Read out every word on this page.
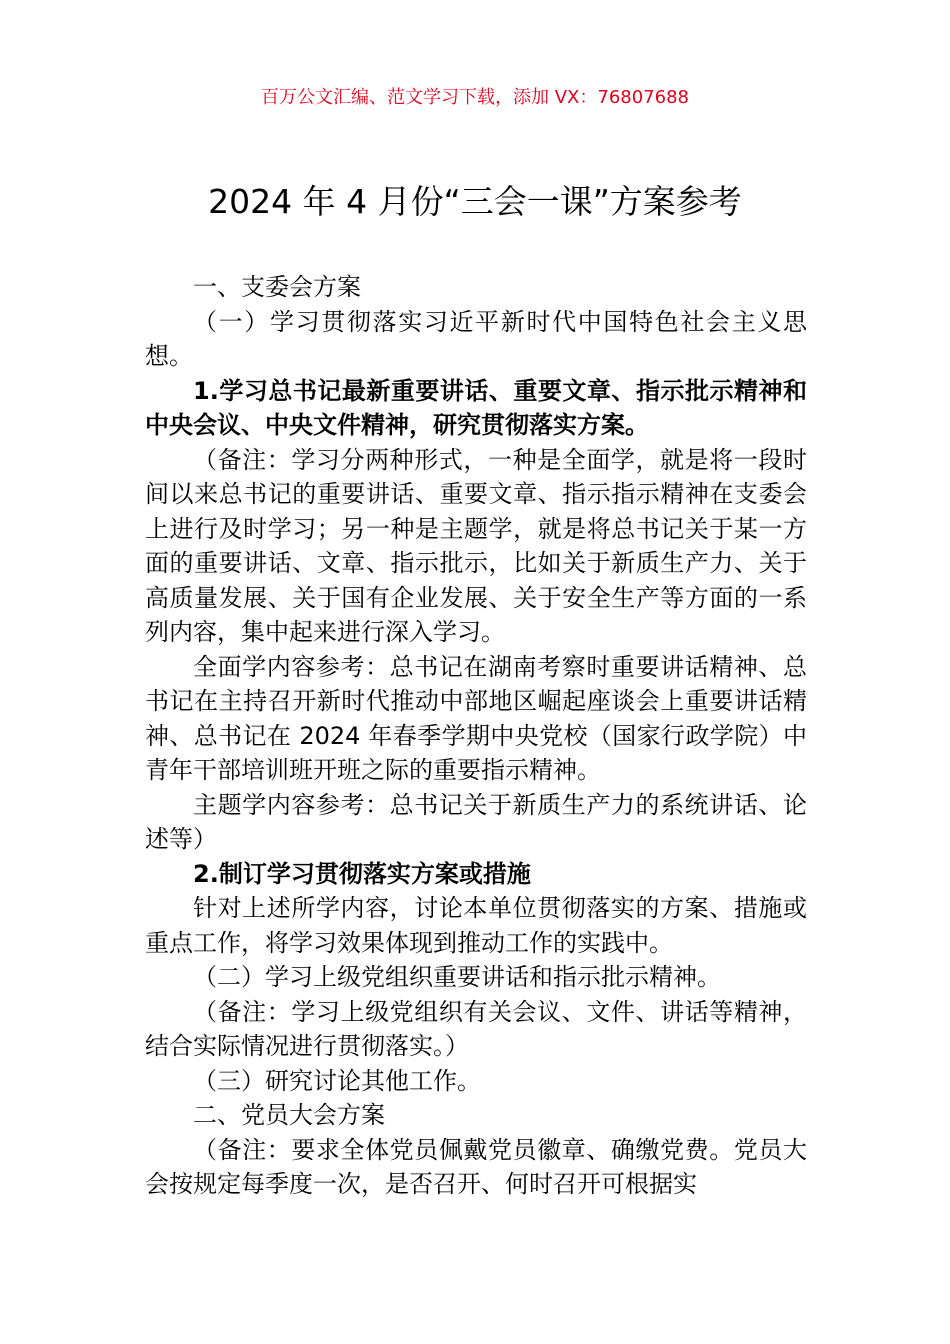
百万公文汇编、范文学习下载，添加 VX：76807688
2024 年 4 月份“三会一课”方案参考

一、支委会方案

（一）学习贯彻落实习近平新时代中国特色社会主义思想。

1.学习总书记最新重要讲话、重要文章、指示批示精神和中央会议、中央文件精神，研究贯彻落实方案。

（备注：学习分两种形式，一种是全面学，就是将一段时间以来总书记的重要讲话、重要文章、指示指示精神在支委会上进行及时学习；另一种是主题学，就是将总书记关于某一方面的重要讲话、文章、指示批示，比如关于新质生产力、关于高质量发展、关于国有企业发展、关于安全生产等方面的一系列内容，集中起来进行深入学习。

全面学内容参考：总书记在湖南考察时重要讲话精神、总书记在主持召开新时代推动中部地区崛起座谈会上重要讲话精神、总书记在 2024 年春季学期中央党校（国家行政学院）中青年干部培训班开班之际的重要指示精神。

主题学内容参考：总书记关于新质生产力的系统讲话、论述等）

2.制订学习贯彻落实方案或措施

针对上述所学内容，讨论本单位贯彻落实的方案、措施或重点工作，将学习效果体现到推动工作的实践中。

（二）学习上级党组织重要讲话和指示批示精神。

（备注：学习上级党组织有关会议、文件、讲话等精神，结合实际情况进行贯彻落实。）

（三）研究讨论其他工作。

二、党员大会方案

（备注：要求全体党员佩戴党员徽章、确缴党费。党员大会按规定每季度一次，是否召开、何时召开可根据实
